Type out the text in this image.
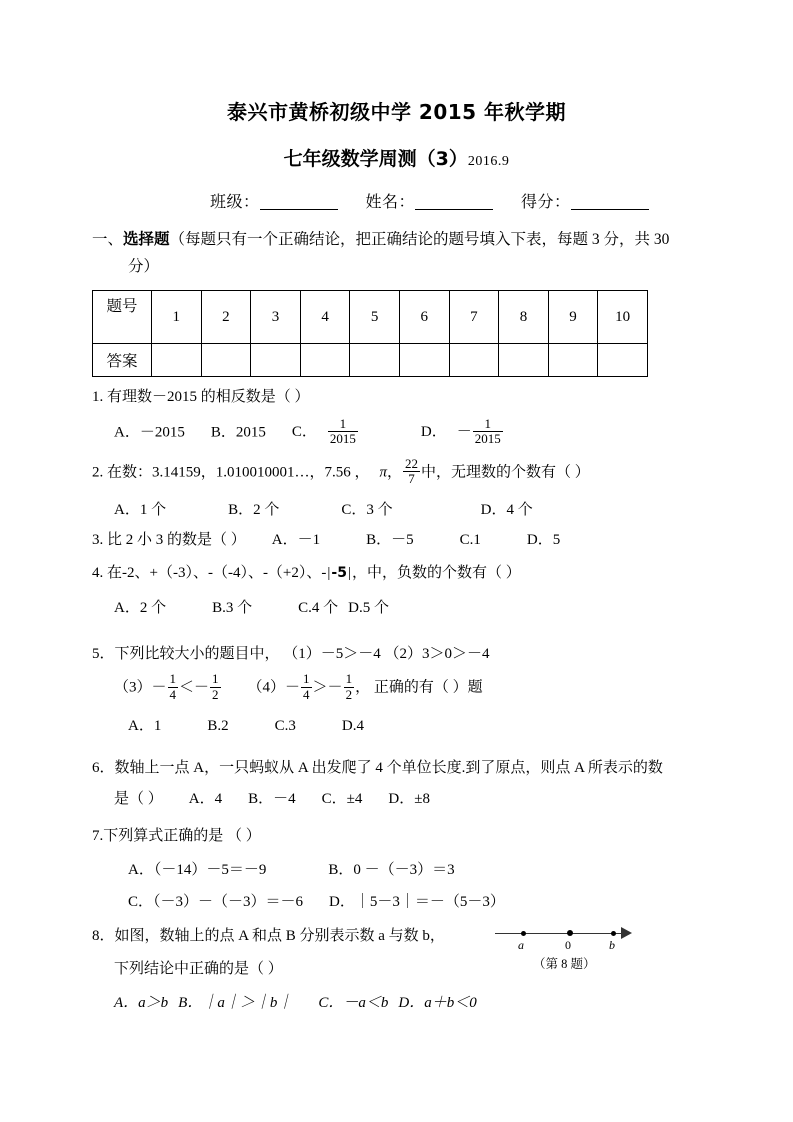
泰兴市黄桥初级中学 2015 年秋学期
七年级数学周测（3）2016.9
班级：	姓名：	得分：
一、选择题（每题只有一个正确结论，把正确结论的题号填入下表，每题 3 分，共 30
分）
题号	1	2	3	4	5	6	7	8	9	10
答案										
1. 有理数－2015 的相反数是（ ）
A．－2015 B．2015 C． $\frac{1}{2015}$	D． － $\frac{1}{2015}$
2. 在数：3.14159，1.010010001…，7.56 ， π， $\frac{22}{7}$ 中，无理数的个数有（ ）
A．1 个	B．2 个	C．3 个	D．4 个
3. 比 2 小 3 的数是（ ） A．－1	B．－5	C.1	D．5
4. 在-2、+（-3）、-（-4）、-（+2）、-|-5|，中，负数的个数有（ ）
A．2 个	B.3 个	C.4 个 D.5 个
5．下列比较大小的题目中， （1）－5＞－4 （2）3＞0＞－4
$(3)- \frac{1}{4} <- \frac{1}{2} (4)- \frac{1}{4} >- \frac{1}{2}$ ， 正确的有（ ）题
A．1	B.2	C.3	D.4
6．数轴上一点 A，一只蚂蚁从 A 出发爬了 4 个单位长度.到了原点，则点 A 所表示的数
是（ ） A．4 B．－4 C．±4 D．±8
7.下列算式正确的是 （ ）
A．（－14）－5＝－9	B．0 －（－3）＝3
C．（－3）－（－3）＝－6 D．｜5－3｜＝－（5－3）
8．如图，数轴上的点 A 和点 B 分别表示数 a 与数 b，
下列结论中正确的是（ ）
A．a＞b B．｜a｜＞｜b｜ C．－a＜b D．a＋b＜0
a	0	b
（第 8 题）
